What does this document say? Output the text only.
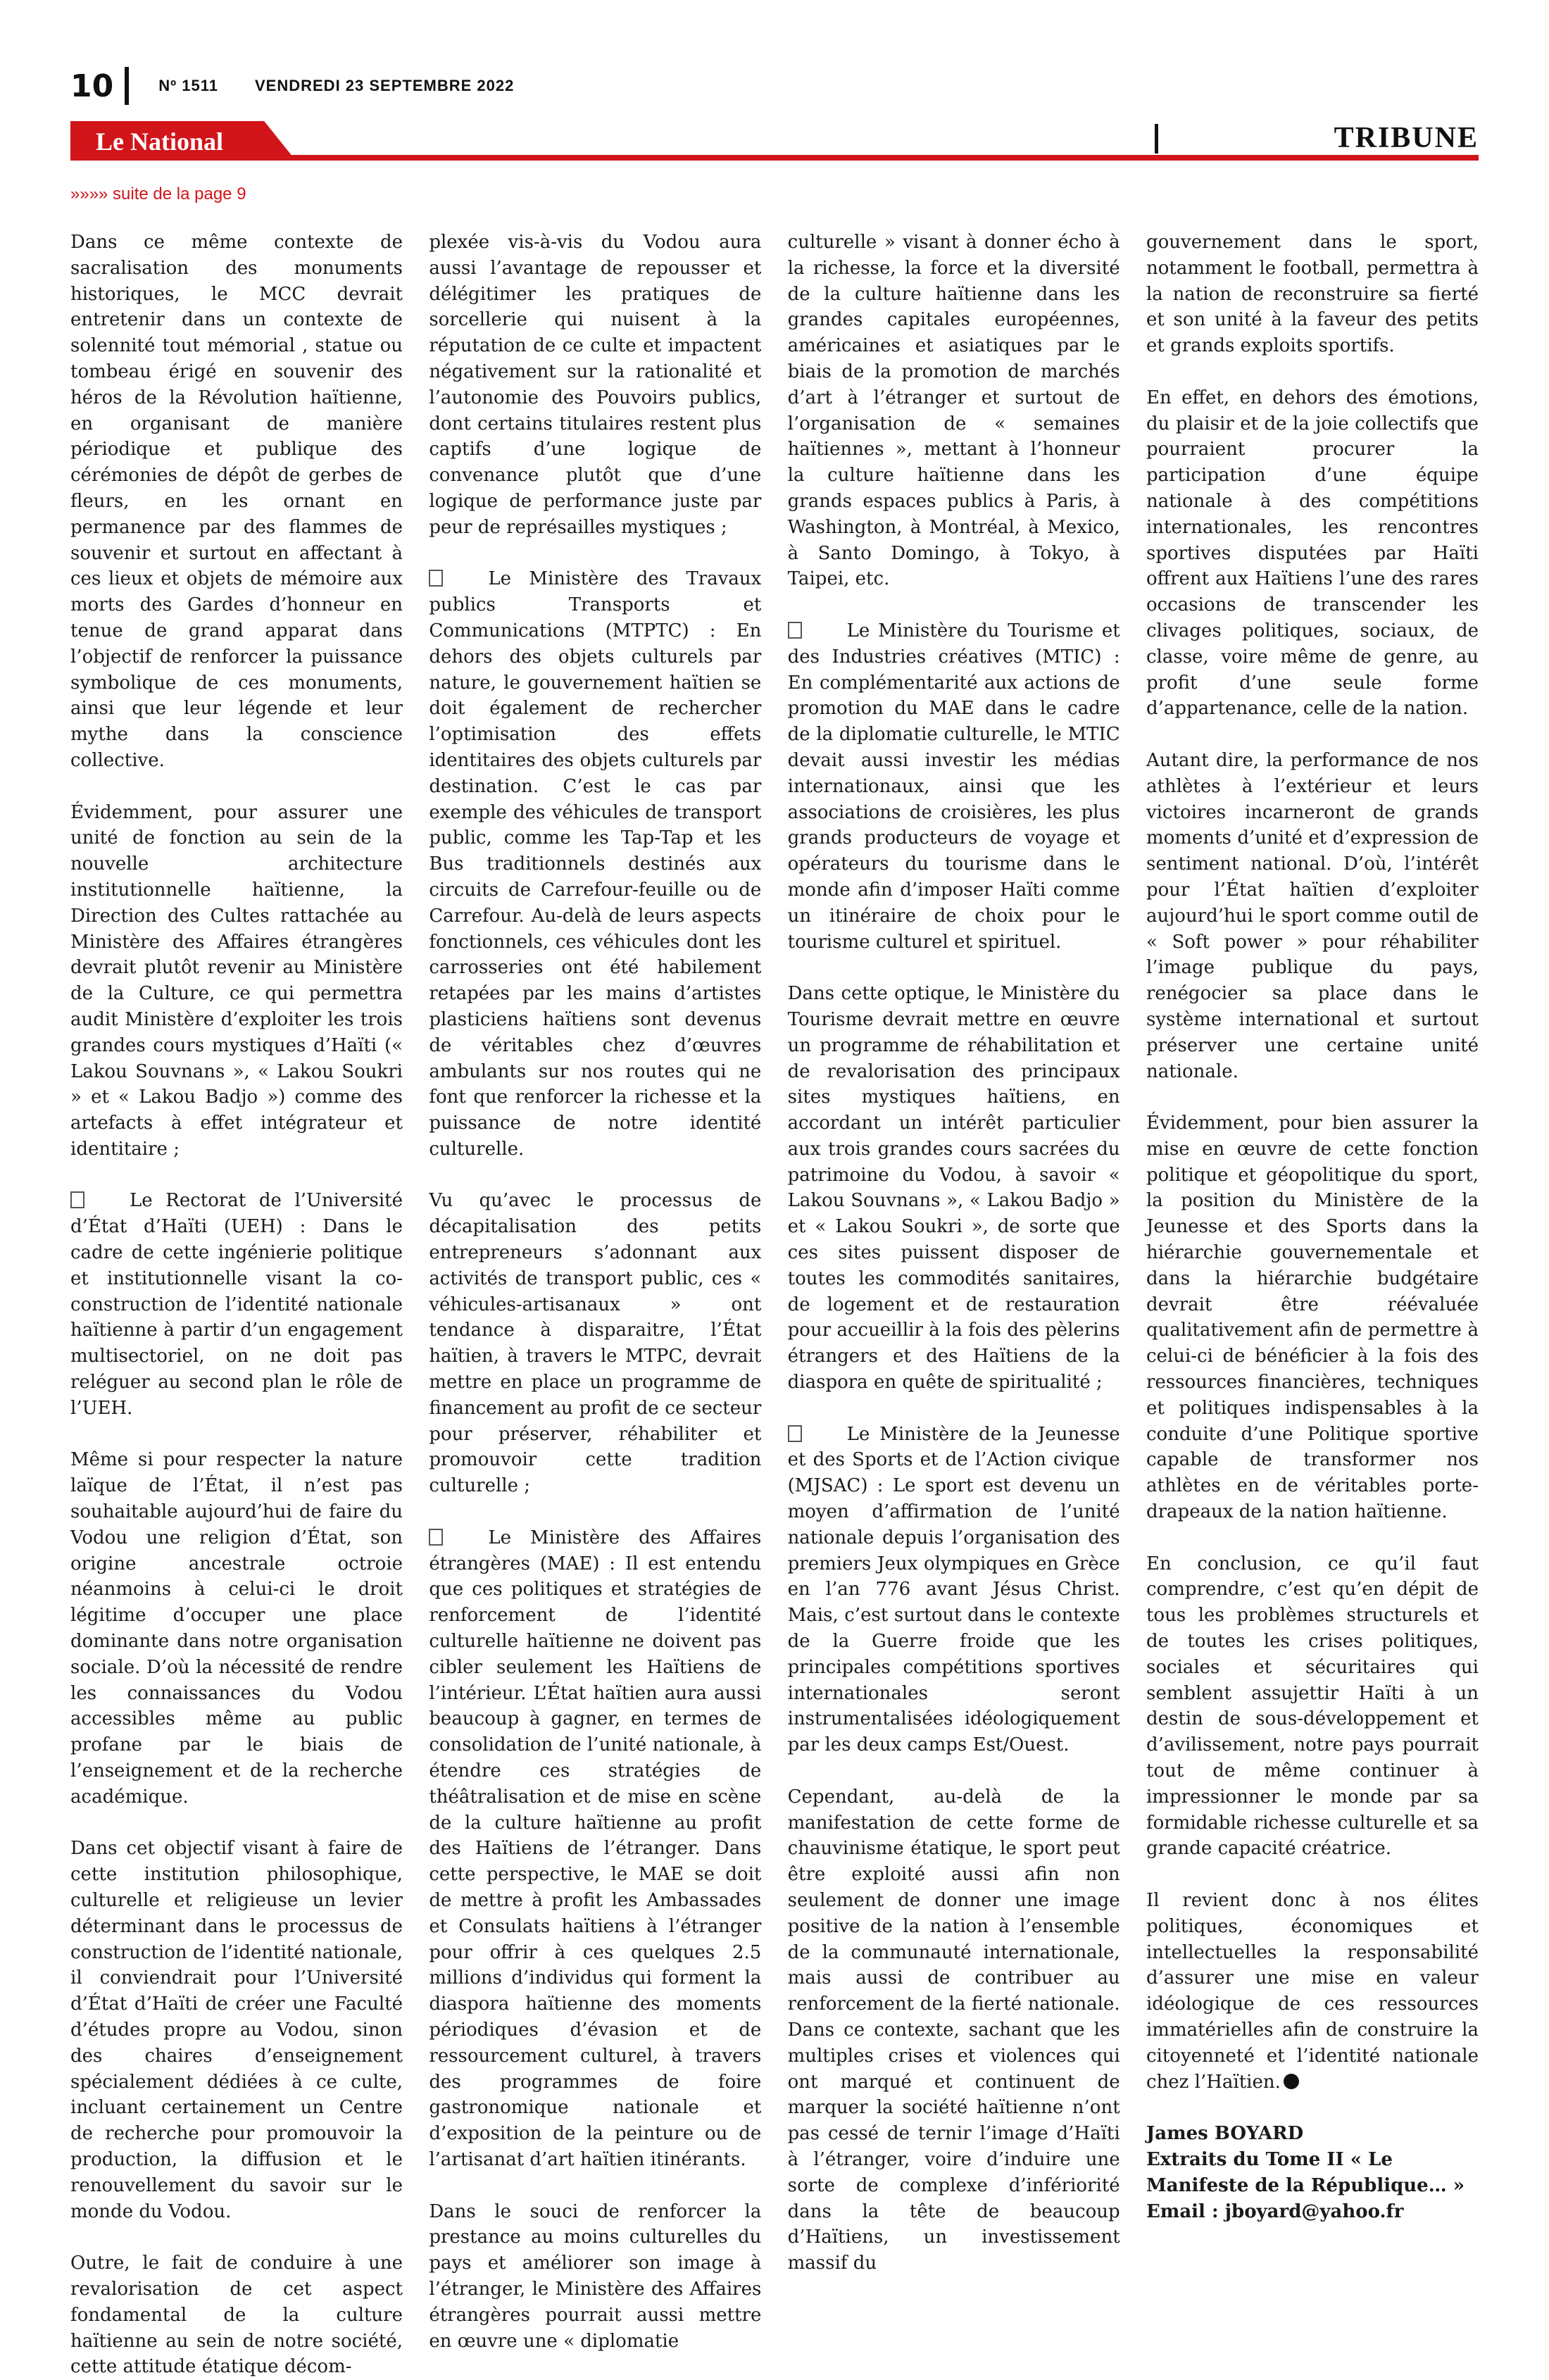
10	Nº 1511 VENDREDI 23 SEPTEMBRE 2022
Le National	TRIBUNE
»»»» suite de la page 9

Dans ce même contexte de sacralisation des monuments historiques, le MCC devrait entretenir dans un contexte de solennité tout mémorial , statue ou tombeau érigé en souvenir des héros de la Révolution haïtienne, en organisant de manière périodique et publique des cérémonies de dépôt de gerbes de fleurs, en les ornant en permanence par des flammes de souvenir et surtout en affectant à ces lieux et objets de mémoire aux morts des Gardes d’honneur en tenue de grand apparat dans l’objectif de renforcer la puissance symbolique de ces monuments, ainsi que leur légende et leur mythe dans la conscience collective.

Évidemment, pour assurer une unité de fonction au sein de la nouvelle architecture institutionnelle haïtienne, la Direction des Cultes rattachée au Ministère des Affaires étrangères devrait plutôt revenir au Ministère de la Culture, ce qui permettra audit Ministère d’exploiter les trois grandes cours mystiques d’Haïti (« Lakou Souvnans », « Lakou Soukri » et « Lakou Badjo ») comme des artefacts à effet intégrateur et identitaire ;

Le Rectorat de l’Université d’État d’Haïti (UEH) : Dans le cadre de cette ingénierie politique et institutionnelle visant la co-construction de l’identité nationale haïtienne à partir d’un engagement multisectoriel, on ne doit pas reléguer au second plan le rôle de l’UEH.

Même si pour respecter la nature laïque de l’État, il n’est pas souhaitable aujourd’hui de faire du Vodou une religion d’État, son origine ancestrale octroie néanmoins à celui-ci le droit légitime d’occuper une place dominante dans notre organisation sociale. D’où la nécessité de rendre les connaissances du Vodou accessibles même au public profane par le biais de l’enseignement et de la recherche académique.

Dans cet objectif visant à faire de cette institution philosophique, culturelle et religieuse un levier déterminant dans le processus de construction de l’identité nationale, il conviendrait pour l’Université d’État d’Haïti de créer une Faculté d’études propre au Vodou, sinon des chaires d’enseignement spécialement dédiées à ce culte, incluant certainement un Centre de recherche pour promouvoir la production, la diffusion et le renouvellement du savoir sur le monde du Vodou.

Outre, le fait de conduire à une revalorisation de cet aspect fondamental de la culture haïtienne au sein de notre société, cette attitude étatique décom-

plexée vis-à-vis du Vodou aura aussi l’avantage de repousser et délégitimer les pratiques de sorcellerie qui nuisent à la réputation de ce culte et impactent négativement sur la rationalité et l’autonomie des Pouvoirs publics, dont certains titulaires restent plus captifs d’une logique de convenance plutôt que d’une logique de performance juste par peur de représailles mystiques ;

Le Ministère des Travaux publics Transports et Communications (MTPTC) : En dehors des objets culturels par nature, le gouvernement haïtien se doit également de rechercher l’optimisation des effets identitaires des objets culturels par destination. C’est le cas par exemple des véhicules de transport public, comme les Tap-Tap et les Bus traditionnels destinés aux circuits de Carrefour-feuille ou de Carrefour. Au-delà de leurs aspects fonctionnels, ces véhicules dont les carrosseries ont été habilement retapées par les mains d’artistes plasticiens haïtiens sont devenus de véritables chez d’œuvres ambulants sur nos routes qui ne font que renforcer la richesse et la puissance de notre identité culturelle.

Vu qu’avec le processus de décapitalisation des petits entrepreneurs s’adonnant aux activités de transport public, ces « véhicules-artisanaux » ont tendance à disparaitre, l’État haïtien, à travers le MTPC, devrait mettre en place un programme de financement au profit de ce secteur pour préserver, réhabiliter et promouvoir cette tradition culturelle ;

Le Ministère des Affaires étrangères (MAE) : Il est entendu que ces politiques et stratégies de renforcement de l’identité culturelle haïtienne ne doivent pas cibler seulement les Haïtiens de l’intérieur. L’État haïtien aura aussi beaucoup à gagner, en termes de consolidation de l’unité nationale, à étendre ces stratégies de théâtralisation et de mise en scène de la culture haïtienne au profit des Haïtiens de l’étranger. Dans cette perspective, le MAE se doit de mettre à profit les Ambassades et Consulats haïtiens à l’étranger pour offrir à ces quelques 2.5 millions d’individus qui forment la diaspora haïtienne des moments périodiques d’évasion et de ressourcement culturel, à travers des programmes de foire gastronomique nationale et d’exposition de la peinture ou de l’artisanat d’art haïtien itinérants.

Dans le souci de renforcer la prestance au moins culturelles du pays et améliorer son image à l’étranger, le Ministère des Affaires étrangères pourrait aussi mettre en œuvre une « diplomatie

culturelle » visant à donner écho à la richesse, la force et la diversité de la culture haïtienne dans les grandes capitales européennes, américaines et asiatiques par le biais de la promotion de marchés d’art à l’étranger et surtout de l’organisation de « semaines haïtiennes », mettant à l’honneur la culture haïtienne dans les grands espaces publics à Paris, à Washington, à Montréal, à Mexico, à Santo Domingo, à Tokyo, à Taipei, etc.

Le Ministère du Tourisme et des Industries créatives (MTIC) : En complémentarité aux actions de promotion du MAE dans le cadre de la diplomatie culturelle, le MTIC devait aussi investir les médias internationaux, ainsi que les associations de croisières, les plus grands producteurs de voyage et opérateurs du tourisme dans le monde afin d’imposer Haïti comme un itinéraire de choix pour le tourisme culturel et spirituel.

Dans cette optique, le Ministère du Tourisme devrait mettre en œuvre un programme de réhabilitation et de revalorisation des principaux sites mystiques haïtiens, en accordant un intérêt particulier aux trois grandes cours sacrées du patrimoine du Vodou, à savoir « Lakou Souvnans », « Lakou Badjo » et « Lakou Soukri », de sorte que ces sites puissent disposer de toutes les commodités sanitaires, de logement et de restauration pour accueillir à la fois des pèlerins étrangers et des Haïtiens de la diaspora en quête de spiritualité ;

Le Ministère de la Jeunesse et des Sports et de l’Action civique (MJSAC) : Le sport est devenu un moyen d’affirmation de l’unité nationale depuis l’organisation des premiers Jeux olympiques en Grèce en l’an 776 avant Jésus Christ. Mais, c’est surtout dans le contexte de la Guerre froide que les principales compétitions sportives internationales seront instrumentalisées idéologiquement par les deux camps Est/Ouest.

Cependant, au-delà de la manifestation de cette forme de chauvinisme étatique, le sport peut être exploité aussi afin non seulement de donner une image positive de la nation à l’ensemble de la communauté internationale, mais aussi de contribuer au renforcement de la fierté nationale. Dans ce contexte, sachant que les multiples crises et violences qui ont marqué et continuent de marquer la société haïtienne n’ont pas cessé de ternir l’image d’Haïti à l’étranger, voire d’induire une sorte de complexe d’infériorité dans la tête de beaucoup d’Haïtiens, un investissement massif du

gouvernement dans le sport, notamment le football, permettra à la nation de reconstruire sa fierté et son unité à la faveur des petits et grands exploits sportifs.

En effet, en dehors des émotions, du plaisir et de la joie collectifs que pourraient procurer la participation d’une équipe nationale à des compétitions internationales, les rencontres sportives disputées par Haïti offrent aux Haïtiens l’une des rares occasions de transcender les clivages politiques, sociaux, de classe, voire même de genre, au profit d’une seule forme d’appartenance, celle de la nation.

Autant dire, la performance de nos athlètes à l’extérieur et leurs victoires incarneront de grands moments d’unité et d’expression de sentiment national. D’où, l’intérêt pour l’État haïtien d’exploiter aujourd’hui le sport comme outil de « Soft power » pour réhabiliter l’image publique du pays, renégocier sa place dans le système international et surtout préserver une certaine unité nationale.

Évidemment, pour bien assurer la mise en œuvre de cette fonction politique et géopolitique du sport, la position du Ministère de la Jeunesse et des Sports dans la hiérarchie gouvernementale et dans la hiérarchie budgétaire devrait être réévaluée qualitativement afin de permettre à celui-ci de bénéficier à la fois des ressources financières, techniques et politiques indispensables à la conduite d’une Politique sportive capable de transformer nos athlètes en de véritables porte-drapeaux de la nation haïtienne.

En conclusion, ce qu’il faut comprendre, c’est qu’en dépit de tous les problèmes structurels et de toutes les crises politiques, sociales et sécuritaires qui semblent assujettir Haïti à un destin de sous-développement et d’avilissement, notre pays pourrait tout de même continuer à impressionner le monde par sa formidable richesse culturelle et sa grande capacité créatrice.

Il revient donc à nos élites politiques, économiques et intellectuelles la responsabilité d’assurer une mise en valeur idéologique de ces ressources immatérielles afin de construire la citoyenneté et l’identité nationale chez l’Haïtien.

James BOYARD
Extraits du Tome II « Le Manifeste de la République… »
Email : jboyard@yahoo.fr
